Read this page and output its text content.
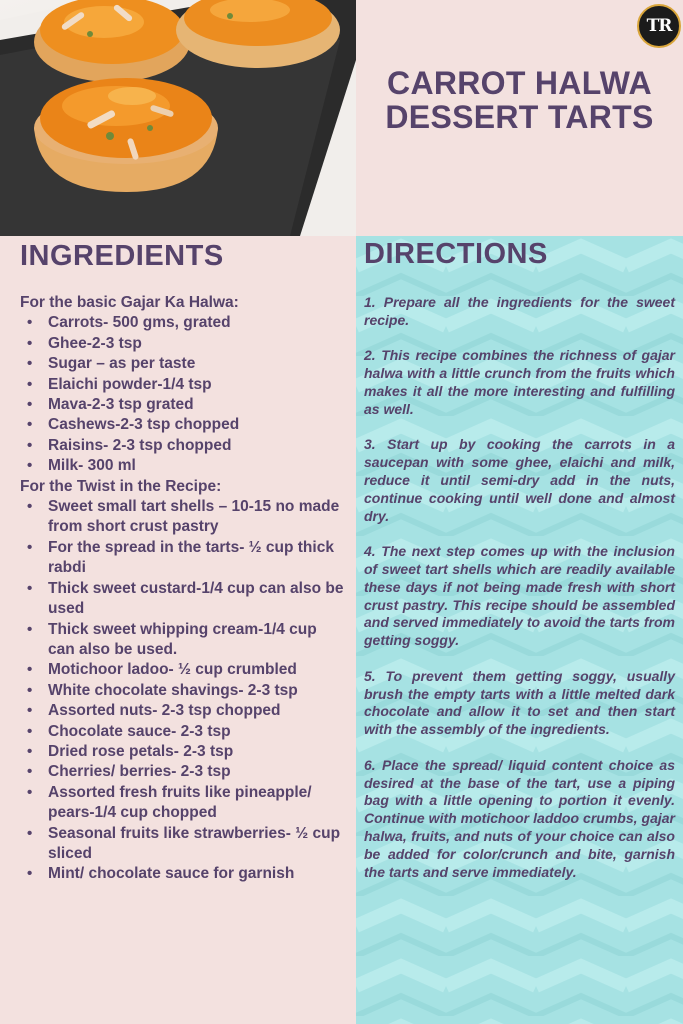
TR
CARROT HALWA DESSERT TARTS
INGREDIENTS
For the basic Gajar Ka Halwa:
• Carrots- 500 gms, grated
• Ghee-2-3 tsp
• Sugar – as per taste
• Elaichi powder-1/4 tsp
• Mava-2-3 tsp grated
• Cashews-2-3 tsp chopped
• Raisins- 2-3 tsp chopped
• Milk- 300 ml
For the Twist in the Recipe:
• Sweet small tart shells – 10-15 no made from short crust pastry
• For the spread in the tarts- ½ cup thick rabdi
• Thick sweet custard-1/4 cup can also be used
• Thick sweet whipping cream-1/4 cup can also be used.
• Motichoor ladoo- ½ cup crumbled
• White chocolate shavings- 2-3 tsp
• Assorted nuts- 2-3 tsp chopped
• Chocolate sauce- 2-3 tsp
• Dried rose petals- 2-3 tsp
• Cherries/ berries- 2-3 tsp
• Assorted fresh fruits like pineapple/ pears-1/4 cup chopped
• Seasonal fruits like strawberries- ½ cup sliced
• Mint/ chocolate sauce for garnish
DIRECTIONS

1. Prepare all the ingredients for the sweet recipe.

2. This recipe combines the richness of gajar halwa with a little crunch from the fruits which makes it all the more interesting and fulfilling as well.

3. Start up by cooking the carrots in a saucepan with some ghee, elaichi and milk, reduce it until semi-dry add in the nuts, continue cooking until well done and almost dry.

4. The next step comes up with the inclusion of sweet tart shells which are readily available these days if not being made fresh with short crust pastry. This recipe should be assembled and served immediately to avoid the tarts from getting soggy.

5. To prevent them getting soggy, usually brush the empty tarts with a little melted dark chocolate and allow it to set and then start with the assembly of the ingredients.

6. Place the spread/ liquid content choice as desired at the base of the tart, use a piping bag with a little opening to portion it evenly. Continue with motichoor laddoo crumbs, gajar halwa, fruits, and nuts of your choice can also be added for color/crunch and bite, garnish the tarts and serve immediately.
